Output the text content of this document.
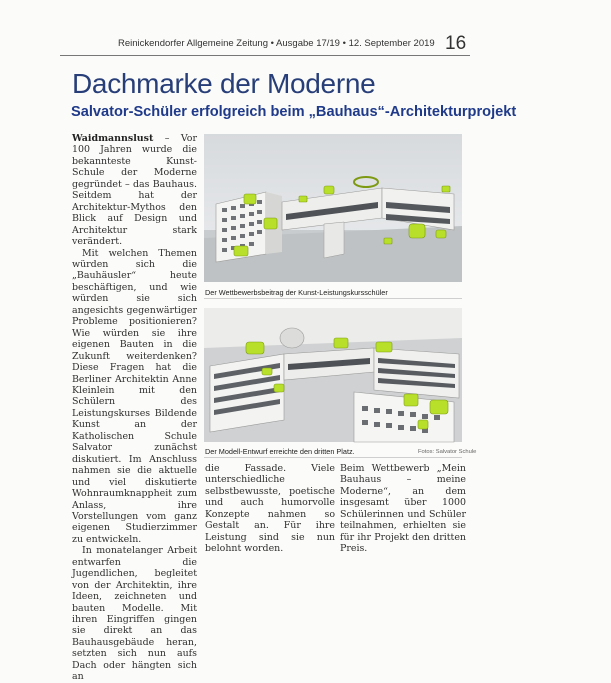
Reinickendorfer Allgemeine Zeitung • Ausgabe 17/19 • 12. September 2019 16
Dachmarke der Moderne
Salvator-Schüler erfolgreich beim „Bauhaus“-Architekturprojekt

Waidmannslust – Vor 100 Jahren wurde die bekannteste Kunst-Schule der Moderne gegründet – das Bauhaus. Seitdem hat der Architektur-Mythos den Blick auf Design und Architektur stark verändert.

Mit welchen Themen würden sich die „Bauhäusler“ heute beschäftigen, und wie würden sie sich angesichts gegenwärtiger Probleme positionieren? Wie würden sie ihre eigenen Bauten in die Zukunft weiterdenken? Diese Fragen hat die Berliner Architektin Anne Kleinlein mit den Schülern des Leistungskurses Bildende Kunst an der Katholischen Schule Salvator zunächst diskutiert. Im Anschluss nahmen sie die aktuelle und viel diskutierte Wohnraumknappheit zum Anlass, ihre Vorstellungen vom ganz eigenen Studierzimmer zu entwickeln.

In monatelanger Arbeit entwarfen die Jugendlichen, begleitet von der Architektin, ihre Ideen, zeichneten und bauten Modelle. Mit ihren Eingriffen gingen sie direkt an das Bauhausgebäude heran, setzten sich nun aufs Dach oder hängten sich an

Der Wettbewerbsbeitrag der Kunst-Leistungskursschüler
Der Modell-Entwurf erreichte den dritten Platz.	Fotos: Salvator Schule

die Fassade. Viele unterschiedliche selbstbewusste, poetische und auch humorvolle Konzepte nahmen so Gestalt an. Für ihre Leistung sind sie nun belohnt worden.

Beim Wettbewerb „Mein Bauhaus – meine Moderne“, an dem insgesamt über 1000 Schülerinnen und Schüler teilnahmen, erhielten sie für ihr Projekt den dritten Preis.
